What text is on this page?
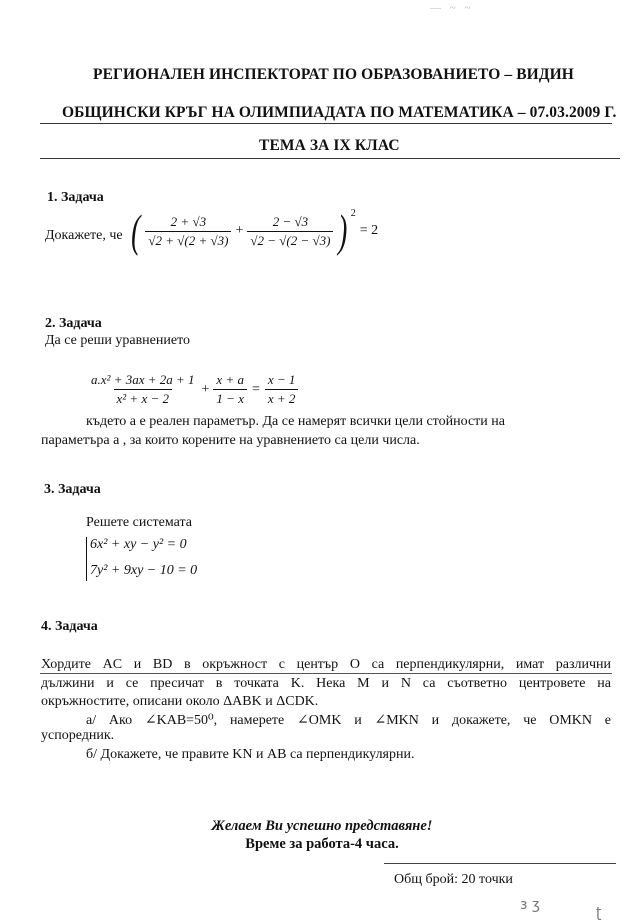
— ~ ~
РЕГИОНАЛЕН ИНСПЕКТОРАТ ПО ОБРАЗОВАНИЕТО – ВИДИН
ОБЩИНСКИ КРЪГ НА ОЛИМПИАДАТА ПО МАТЕМАТИКА – 07.03.2009 Г.
ТЕМА ЗА IX КЛАС
1. Задача
Докажете, че ( $\frac{2 + √3}{√2 + √(2 + √3)} + \frac{2 - √3}{√2 - √(2 - √3)}$ ) 2
= 2
2. Задача
Да се реши уравнението
$\frac{\text{a.x² + 3ax + 2a + 1}}{\text{x² + x − 2}} + \frac{x + a}{1 - x} = \frac{x - 1}{x + 2}$
където a е реален параметър. Да се намерят всички цели стойности на
параметъра a , за които корените на уравнението са цели числа.
3. Задача
Решете системата
6x² + xy − y² = 0
7y² + 9xy − 10 = 0
4. Задача
Хордите AC и BD в окръжност с център O са перпендикулярни, имат различни
дължини и се пресичат в точката K. Нека M и N са съответно центровете на
окръжностите, описани около ΔABK и ΔCDK.
а/ Ако ∠KAB=50⁰, намерете ∠OMK и ∠MKN и докажете, че OMKN е
успоредник.
б/ Докажете, че правите KN и AB са перпендикулярни.
Желаем Ви успешно представяне!
Време за работа-4 часа.
Общ брой: 20 точки
ɜ ʒ	ʈ
